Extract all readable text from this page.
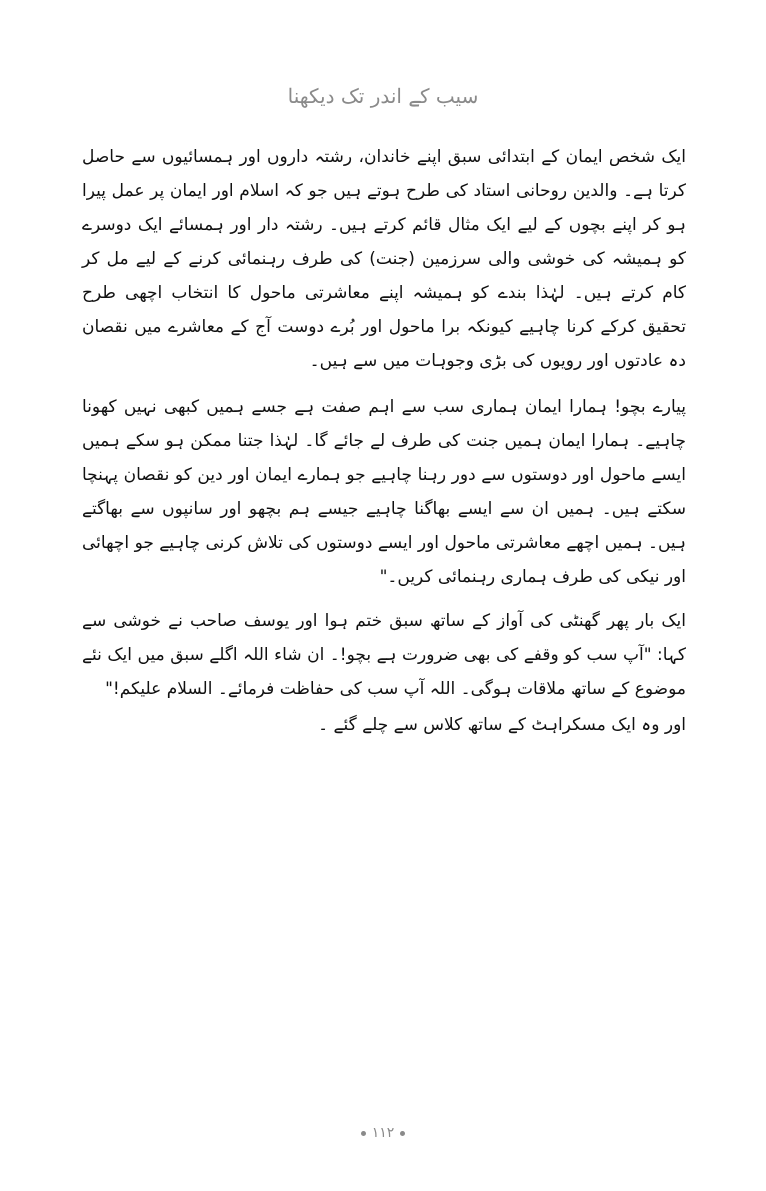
سیب کے اندر تک دیکھنا

ایک شخص ایمان کے ابتدائی سبق اپنے خاندان، رشتہ داروں اور ہمسائیوں سے حاصل کرتا ہے۔ والدین روحانی استاد کی طرح ہوتے ہیں جو کہ اسلام اور ایمان پر عمل پیرا ہو کر اپنے بچوں کے لیے ایک مثال قائم کرتے ہیں۔ رشتہ دار اور ہمسائے ایک دوسرے کو ہمیشہ کی خوشی والی سرزمین (جنت) کی طرف رہنمائی کرنے کے لیے مل کر کام کرتے ہیں۔ لہٰذا بندے کو ہمیشہ اپنے معاشرتی ماحول کا انتخاب اچھی طرح تحقیق کرکے کرنا چاہیے کیونکہ برا ماحول اور بُرے دوست آج کے معاشرے میں نقصان دہ عادتوں اور رویوں کی بڑی وجوہات میں سے ہیں۔

پیارے بچو! ہمارا ایمان ہماری سب سے اہم صفت ہے جسے ہمیں کبھی نہیں کھونا چاہیے۔ ہمارا ایمان ہمیں جنت کی طرف لے جائے گا۔ لہٰذا جتنا ممکن ہو سکے ہمیں ایسے ماحول اور دوستوں سے دور رہنا چاہیے جو ہمارے ایمان اور دین کو نقصان پہنچا سکتے ہیں۔ ہمیں ان سے ایسے بھاگنا چاہیے جیسے ہم بچھو اور سانپوں سے بھاگتے ہیں۔ ہمیں اچھے معاشرتی ماحول اور ایسے دوستوں کی تلاش کرنی چاہیے جو اچھائی اور نیکی کی طرف ہماری رہنمائی کریں۔"

ایک بار پھر گھنٹی کی آواز کے ساتھ سبق ختم ہوا اور یوسف صاحب نے خوشی سے کہا: "آپ سب کو وقفے کی بھی ضرورت ہے بچو!۔ ان شاء اللہ اگلے سبق میں ایک نئے موضوع کے ساتھ ملاقات ہوگی۔ اللہ آپ سب کی حفاظت فرمائے۔ السلام علیکم!"

اور وہ ایک مسکراہٹ کے ساتھ کلاس سے چلے گئے ۔

١١٢
